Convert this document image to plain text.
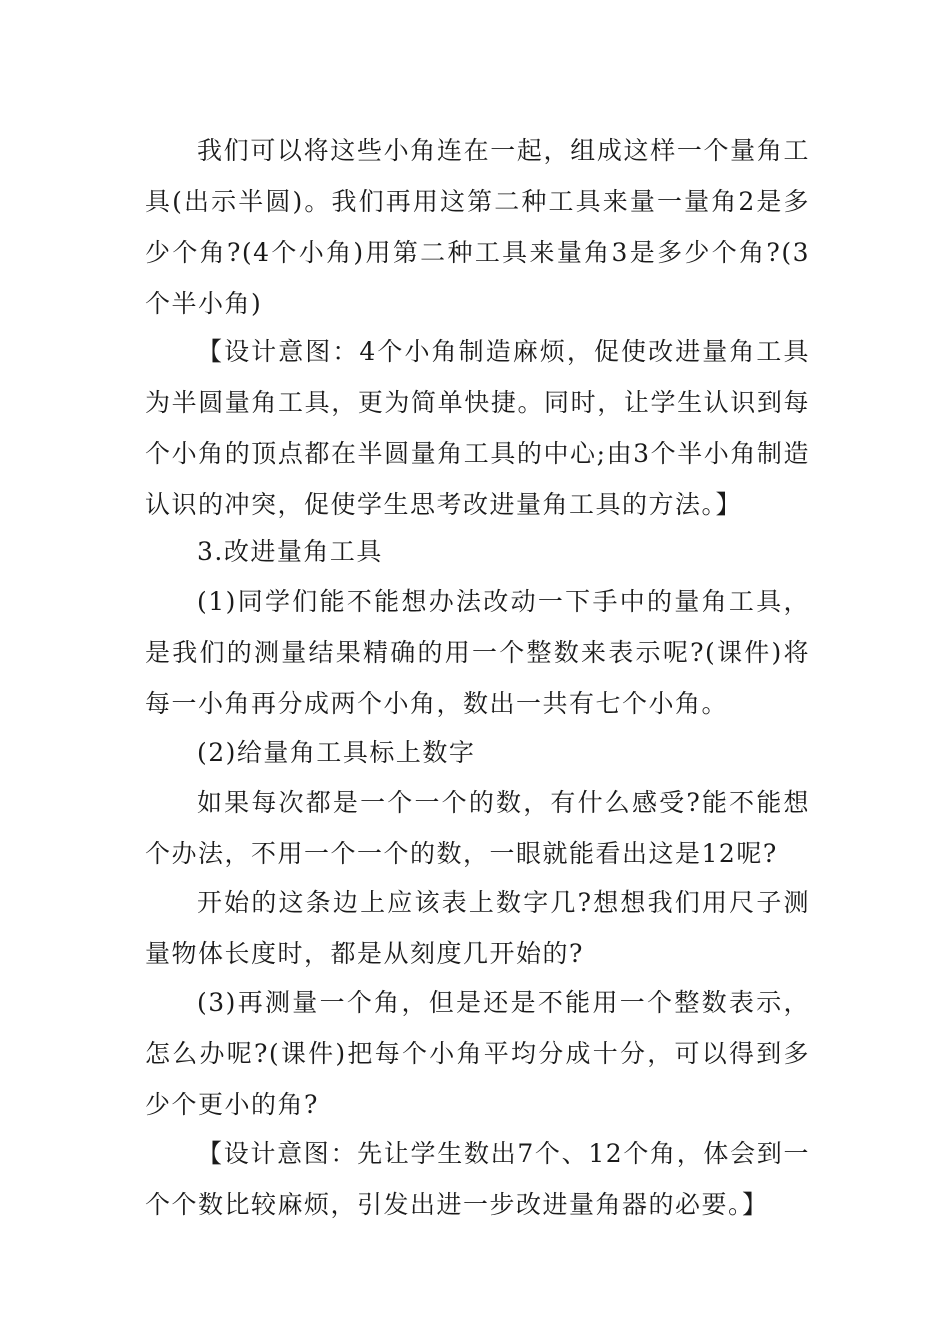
我们可以将这些小角连在一起，组成这样一个量角工具(出示半圆)。我们再用这第二种工具来量一量角2是多少个角?(4个小角)用第二种工具来量角3是多少个角?(3个半小角)

【设计意图：4个小角制造麻烦，促使改进量角工具为半圆量角工具，更为简单快捷。同时，让学生认识到每个小角的顶点都在半圆量角工具的中心;由3个半小角制造认识的冲突，促使学生思考改进量角工具的方法。】

3.改进量角工具

(1)同学们能不能想办法改动一下手中的量角工具，是我们的测量结果精确的用一个整数来表示呢?(课件)将每一小角再分成两个小角，数出一共有七个小角。

(2)给量角工具标上数字

如果每次都是一个一个的数，有什么感受?能不能想个办法，不用一个一个的数，一眼就能看出这是12呢?

开始的这条边上应该表上数字几?想想我们用尺子测量物体长度时，都是从刻度几开始的?

(3)再测量一个角，但是还是不能用一个整数表示，怎么办呢?(课件)把每个小角平均分成十分，可以得到多少个更小的角?

【设计意图：先让学生数出7个、12个角，体会到一个个数比较麻烦，引发出进一步改进量角器的必要。】
